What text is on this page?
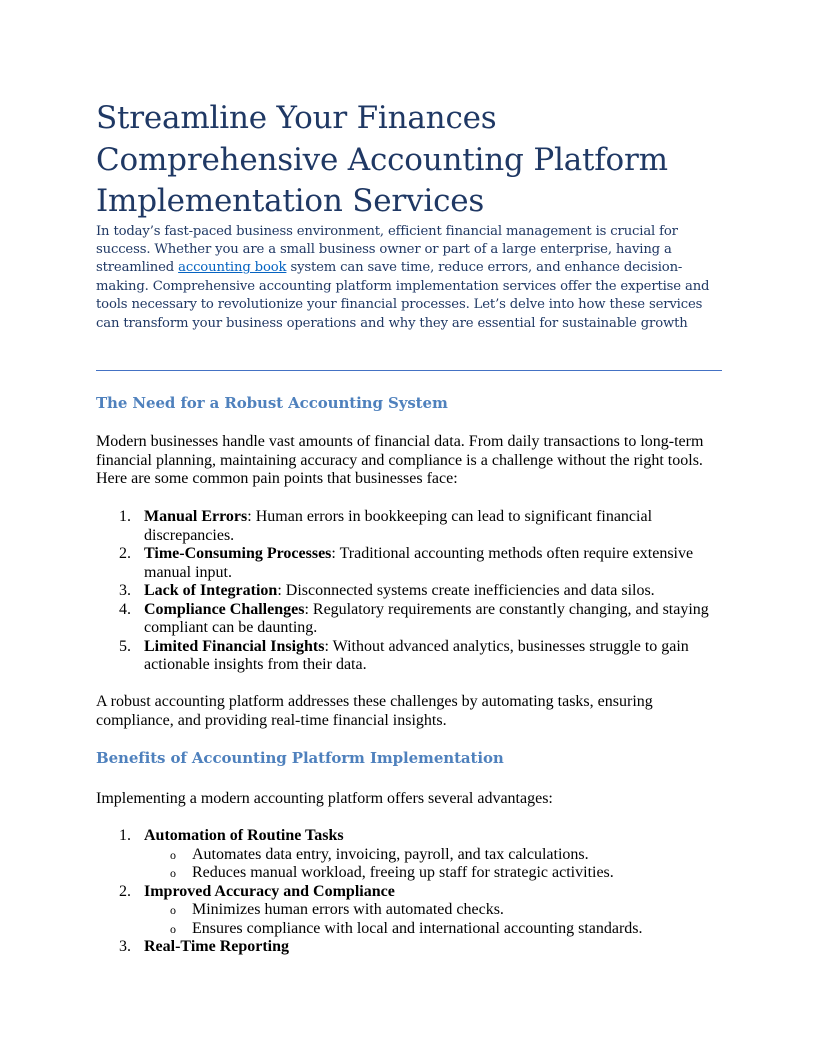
Streamline Your Finances
Comprehensive Accounting Platform
Implementation Services

In today’s fast-paced business environment, efficient financial management is crucial for success. Whether you are a small business owner or part of a large enterprise, having a streamlined accounting book system can save time, reduce errors, and enhance decision-making. Comprehensive accounting platform implementation services offer the expertise and tools necessary to revolutionize your financial processes. Let’s delve into how these services can transform your business operations and why they are essential for sustainable growth

The Need for a Robust Accounting System

Modern businesses handle vast amounts of financial data. From daily transactions to long-term financial planning, maintaining accuracy and compliance is a challenge without the right tools. Here are some common pain points that businesses face:

1. Manual Errors: Human errors in bookkeeping can lead to significant financial discrepancies.
2. Time-Consuming Processes: Traditional accounting methods often require extensive manual input.
3. Lack of Integration: Disconnected systems create inefficiencies and data silos.
4. Compliance Challenges: Regulatory requirements are constantly changing, and staying compliant can be daunting.
5. Limited Financial Insights: Without advanced analytics, businesses struggle to gain actionable insights from their data.

A robust accounting platform addresses these challenges by automating tasks, ensuring compliance, and providing real-time financial insights.

Benefits of Accounting Platform Implementation

Implementing a modern accounting platform offers several advantages:

1. Automation of Routine Tasks
o Automates data entry, invoicing, payroll, and tax calculations.
o Reduces manual workload, freeing up staff for strategic activities.
2. Improved Accuracy and Compliance
o Minimizes human errors with automated checks.
o Ensures compliance with local and international accounting standards.
3. Real-Time Reporting
